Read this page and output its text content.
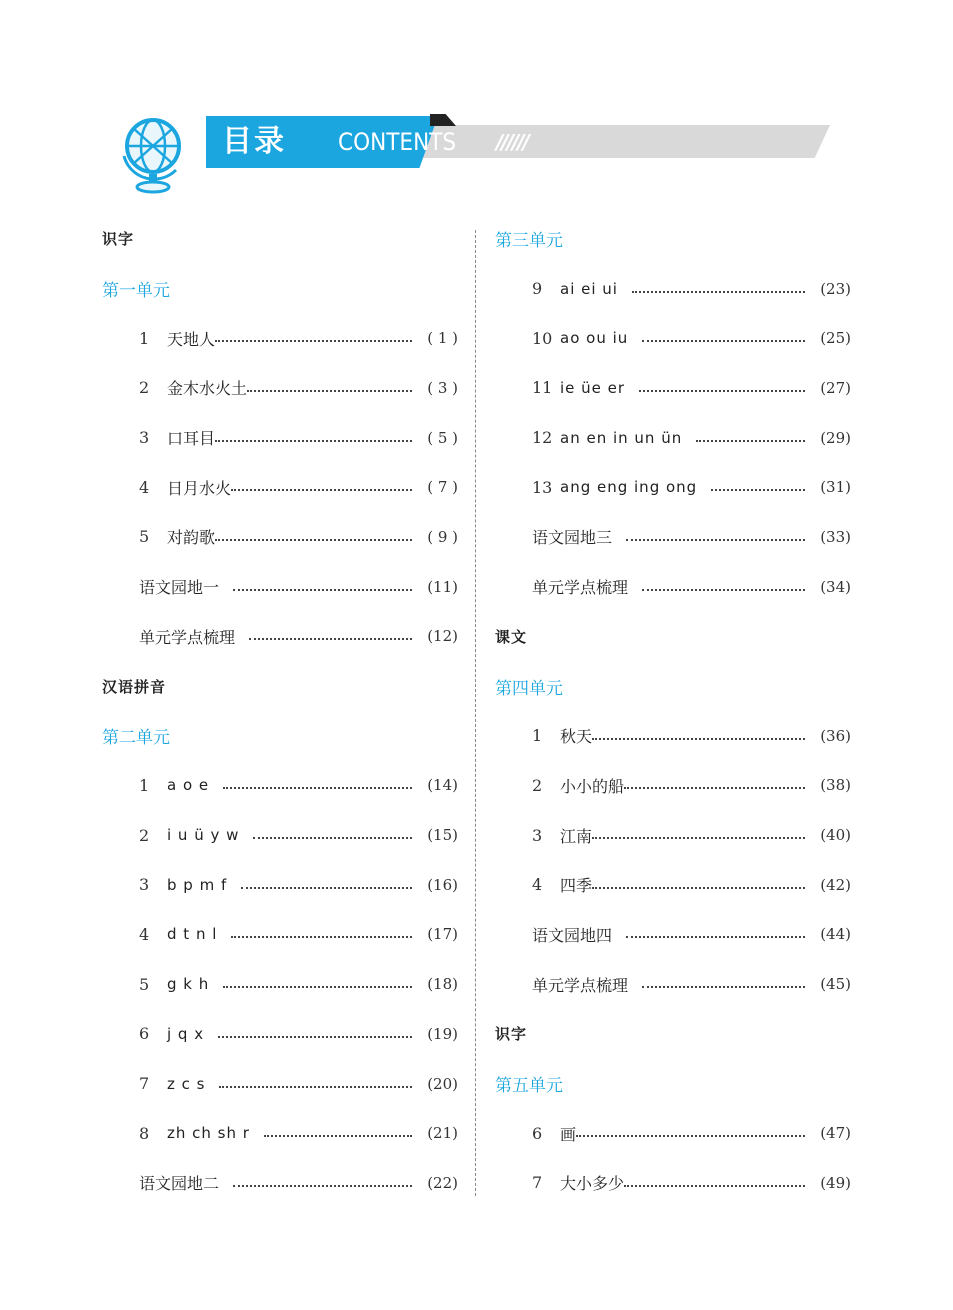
目录 CONTENTS //////
识字
第一单元
1	天地人	( 1 )
2	金木水火土	( 3 )
3	口耳目	( 5 )
4	日月水火	( 7 )
5	对韵歌	( 9 )
语文园地一	(11)
单元学点梳理	(12)
汉语拼音
第二单元
1	a o e	(14)
2	i u ü y w	(15)
3	b p m f	(16)
4	d t n l	(17)
5	g k h	(18)
6	j q x	(19)
7	z c s	(20)
8	zh ch sh r	(21)
语文园地二	(22)
第三单元
9	ai ei ui	(23)
10 ao ou iu	(25)
11 ie üe er	(27)
12 an en in un ün	(29)
13 ang eng ing ong	(31)
语文园地三	(33)
单元学点梳理	(34)
课文
第四单元
1	秋天	(36)
2	小小的船	(38)
3	江南	(40)
4	四季	(42)
语文园地四	(44)
单元学点梳理	(45)
识字
第五单元
6	画	(47)
7	大小多少	(49)
